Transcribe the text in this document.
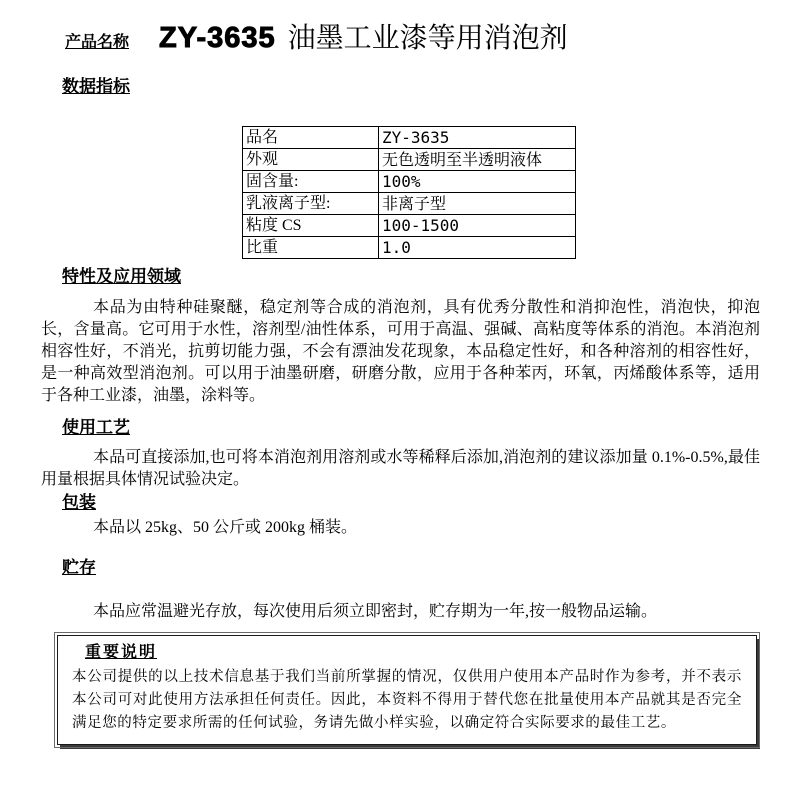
产品名称 ZY-3635 油墨工业漆等用消泡剂
数据指标
品名	ZY-3635
外观	无色透明至半透明液体
固含量:	100%
乳液离子型:	非离子型
粘度 CS	100-1500
比重	1.0
特性及应用领域

本品为由特种硅聚醚，稳定剂等合成的消泡剂，具有优秀分散性和消抑泡性，消泡快，抑泡长，含量高。它可用于水性，溶剂型/油性体系，可用于高温、强碱、高粘度等体系的消泡。本消泡剂相容性好，不消光，抗剪切能力强，不会有漂油发花现象，本品稳定性好，和各种溶剂的相容性好，是一种高效型消泡剂。可以用于油墨研磨，研磨分散，应用于各种苯丙，环氧，丙烯酸体系等，适用于各种工业漆，油墨，涂料等。

使用工艺

本品可直接添加,也可将本消泡剂用溶剂或水等稀释后添加,消泡剂的建议添加量 0.1%-0.5%,最佳用量根据具体情况试验决定。

包装

本品以 25kg、50 公斤或 200kg 桶装。

贮存

本品应常温避光存放，每次使用后须立即密封，贮存期为一年,按一般物品运输。

重要说明

本公司提供的以上技术信息基于我们当前所掌握的情况，仅供用户使用本产品时作为参考，并不表示本公司可对此使用方法承担任何责任。因此，本资料不得用于替代您在批量使用本产品就其是否完全满足您的特定要求所需的任何试验，务请先做小样实验，以确定符合实际要求的最佳工艺。
